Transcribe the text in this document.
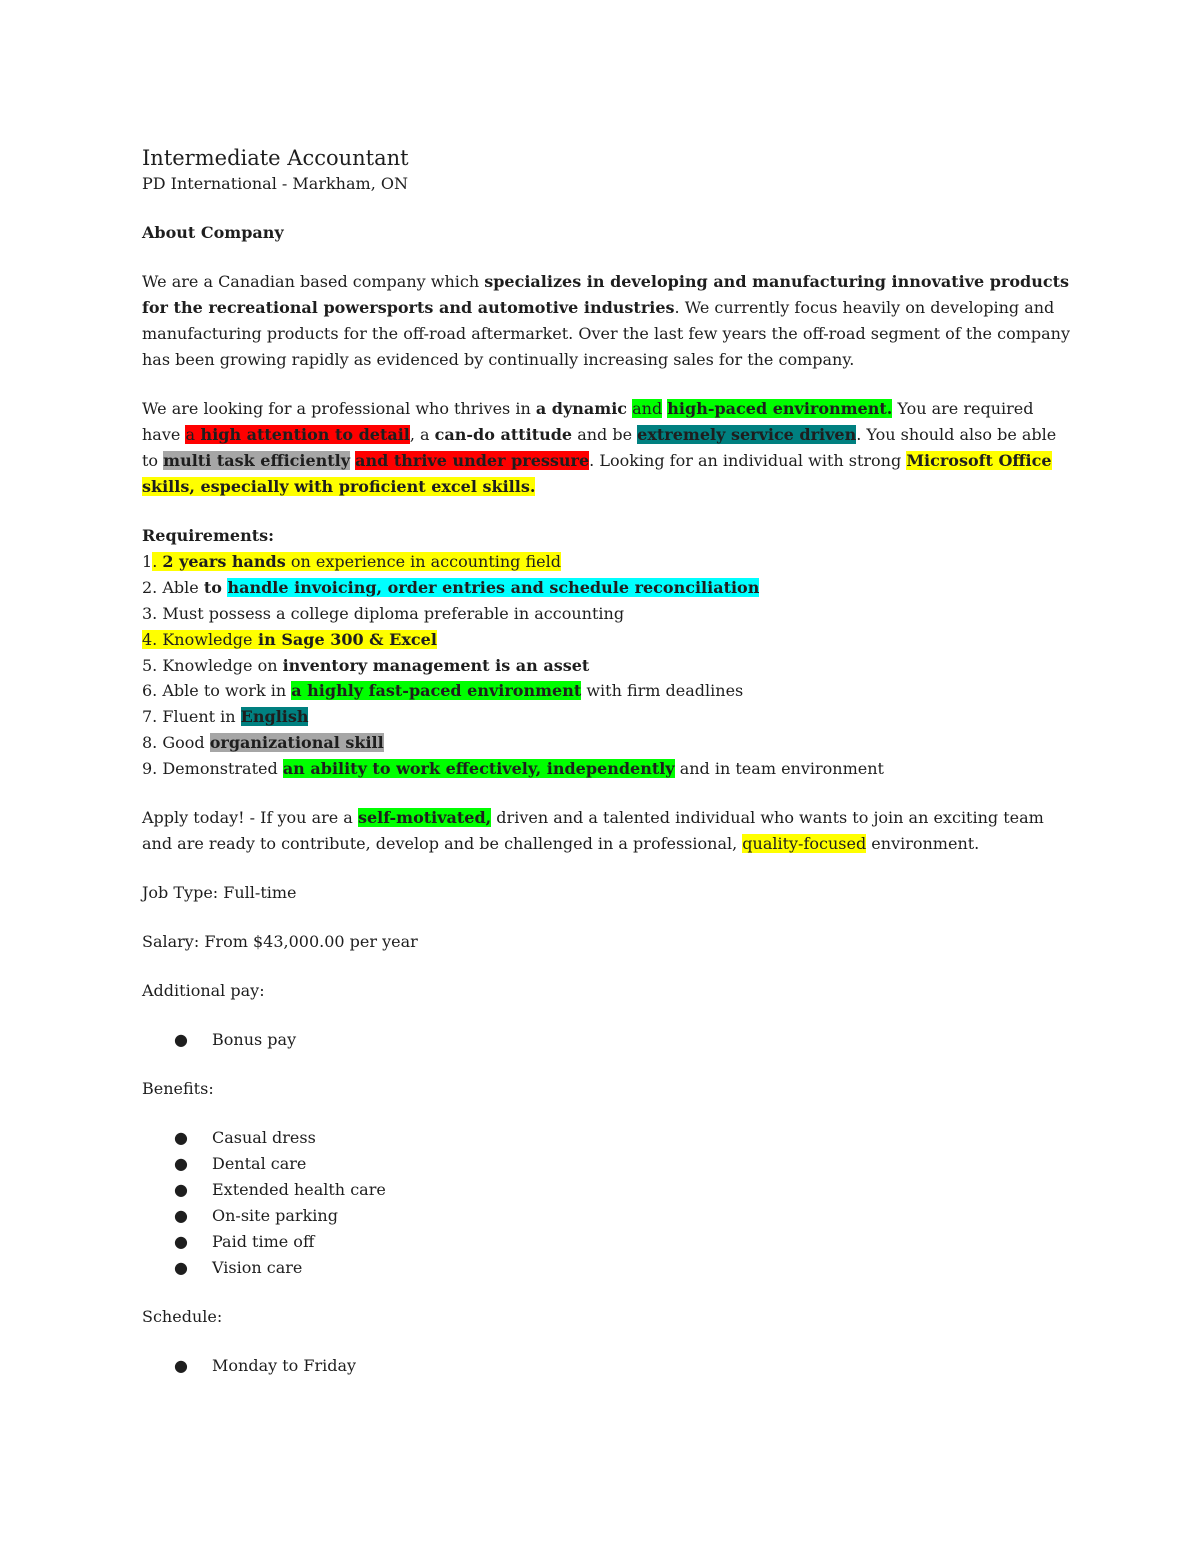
Intermediate Accountant

PD International - Markham, ON

About Company

We are a Canadian based company which specializes in developing and manufacturing innovative products for the recreational powersports and automotive industries. We currently focus heavily on developing and manufacturing products for the off-road aftermarket. Over the last few years the off-road segment of the company has been growing rapidly as evidenced by continually increasing sales for the company.

We are looking for a professional who thrives in a dynamic and high-paced environment. You are required have a high attention to detail, a can-do attitude and be extremely service driven. You should also be able to multi task efficiently and thrive under pressure. Looking for an individual with strong Microsoft Office skills, especially with proficient excel skills.

Requirements:

1. 2 years hands on experience in accounting field

2. Able to handle invoicing, order entries and schedule reconciliation

3. Must possess a college diploma preferable in accounting

4. Knowledge in Sage 300 & Excel

5. Knowledge on inventory management is an asset

6. Able to work in a highly fast-paced environment with firm deadlines

7. Fluent in English

8. Good organizational skill

9. Demonstrated an ability to work effectively, independently and in team environment

Apply today! - If you are a self-motivated, driven and a talented individual who wants to join an exciting team and are ready to contribute, develop and be challenged in a professional, quality-focused environment.

Job Type: Full-time

Salary: From $43,000.00 per year

Additional pay:

● Bonus pay

Benefits:

● Casual dress
● Dental care
● Extended health care
● On-site parking
● Paid time off
● Vision care

Schedule:

● Monday to Friday
